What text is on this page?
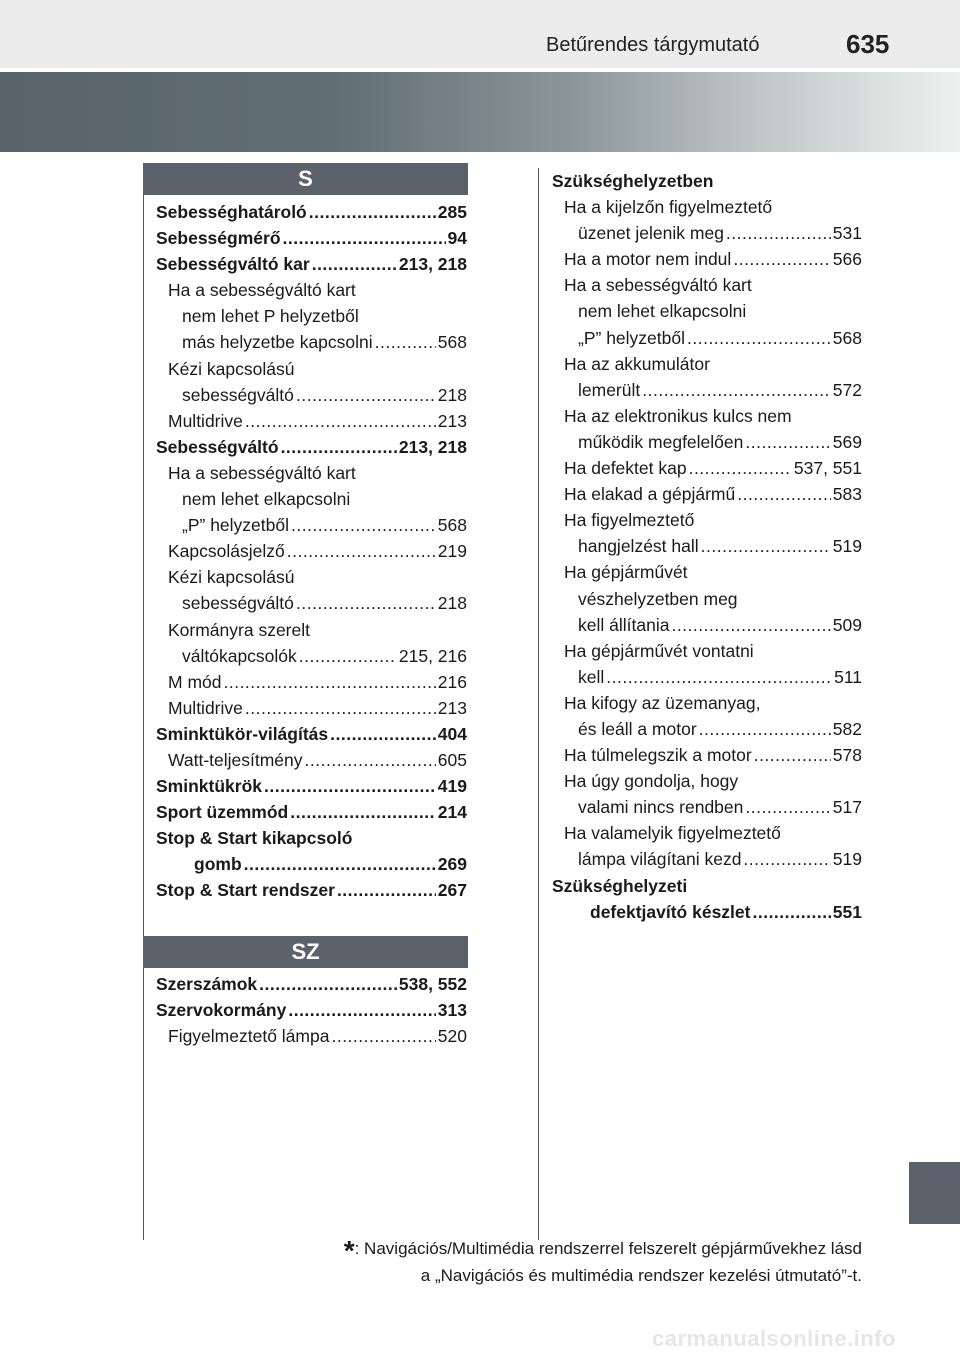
Betűrendes tárgymutató	635
S
Sebességhatároló .....	285
Sebességmérő .....	94
Sebességváltó kar .....	213, 218
Ha a sebességváltó kart
nem lehet P helyzetből
más helyzetbe kapcsolni .....	568
Kézi kapcsolású
sebességváltó .....	218
Multidrive .....	213
Sebességváltó .....	213, 218
Ha a sebességváltó kart
nem lehet elkapcsolni
„P” helyzetből .....	568
Kapcsolásjelző .....	219
Kézi kapcsolású
sebességváltó .....	218
Kormányra szerelt
váltókapcsolók .....	215, 216
M mód .....	216
Multidrive .....	213
Sminktükör-világítás .....	404
Watt-teljesítmény .....	605
Sminktükrök .....	419
Sport üzemmód .....	214
Stop & Start kikapcsoló
gomb .....	269
Stop & Start rendszer .....	267
SZ
Szerszámok .....	538, 552
Szervokormány .....	313
Figyelmeztető lámpa .....	520
Szükséghelyzetben
Ha a kijelzőn figyelmeztető
üzenet jelenik meg .....	531
Ha a motor nem indul .....	566
Ha a sebességváltó kart
nem lehet elkapcsolni
„P” helyzetből .....	568
Ha az akkumulátor
lemerült .....	572
Ha az elektronikus kulcs nem
működik megfelelően .....	569
Ha defektet kap .....	537, 551
Ha elakad a gépjármű .....	583
Ha figyelmeztető
hangjelzést hall .....	519
Ha gépjárművét
vészhelyzetben meg
kell állítania .....	509
Ha gépjárművét vontatni
kell .....	511
Ha kifogy az üzemanyag,
és leáll a motor .....	582
Ha túlmelegszik a motor .....	578
Ha úgy gondolja, hogy
valami nincs rendben .....	517
Ha valamelyik figyelmeztető
lámpa világítani kezd .....	519
Szükséghelyzeti
defektjavító készlet .....	551
*: Navigációs/Multimédia rendszerrel felszerelt gépjárművekhez lásd
a „Navigációs és multimédia rendszer kezelési útmutató”-t.
carmanualsonline.info
